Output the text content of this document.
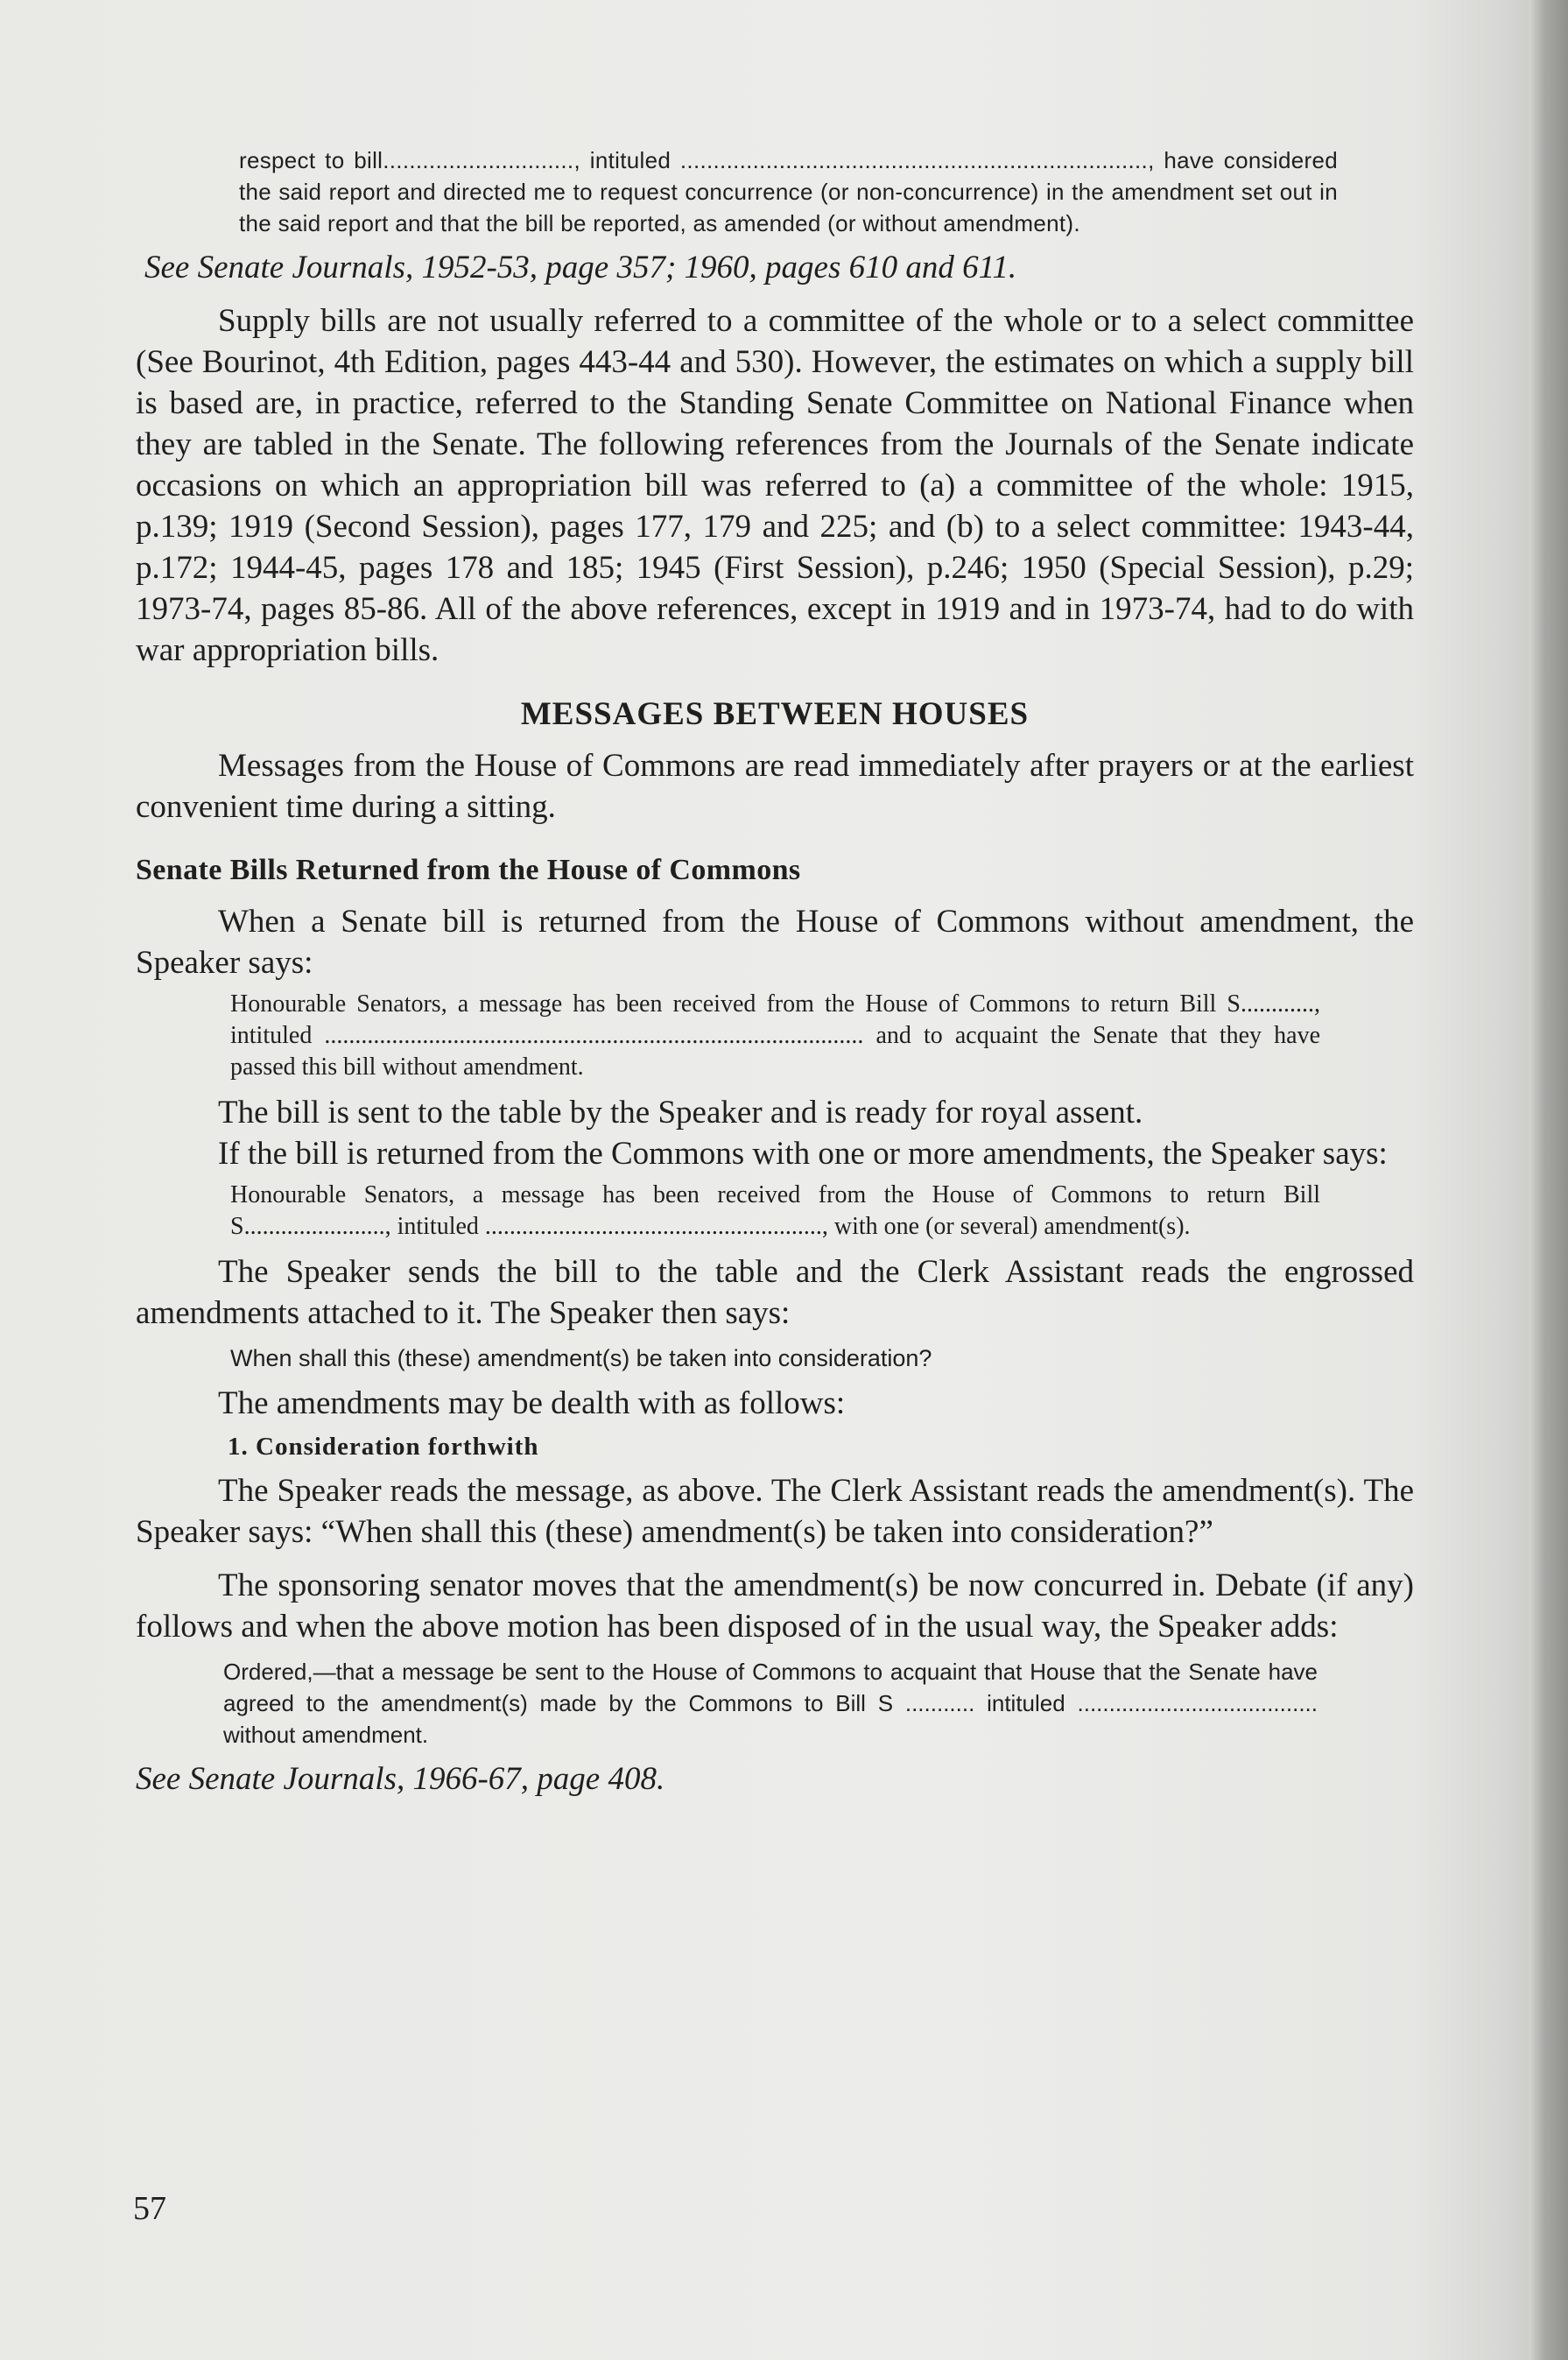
respect to bill............................., intituled ......................................................................., have considered the said report and directed me to request concurrence (or non-concurrence) in the amendment set out in the said report and that the bill be reported, as amended (or without amendment).

See Senate Journals, 1952-53, page 357; 1960, pages 610 and 611.

Supply bills are not usually referred to a committee of the whole or to a select committee (See Bourinot, 4th Edition, pages 443-44 and 530). However, the estimates on which a supply bill is based are, in practice, referred to the Standing Senate Committee on National Finance when they are tabled in the Senate. The following references from the Journals of the Senate indicate occasions on which an appropriation bill was referred to (a) a committee of the whole: 1915, p.139; 1919 (Second Session), pages 177, 179 and 225; and (b) to a select committee: 1943-44, p.172; 1944-45, pages 178 and 185; 1945 (First Session), p.246; 1950 (Special Session), p.29; 1973-74, pages 85-86. All of the above references, except in 1919 and in 1973-74, had to do with war appropriation bills.

MESSAGES BETWEEN HOUSES

Messages from the House of Commons are read immediately after prayers or at the earliest convenient time during a sitting.

Senate Bills Returned from the House of Commons

When a Senate bill is returned from the House of Commons without amendment, the Speaker says:

Honourable Senators, a message has been received from the House of Commons to return Bill S............, intituled ........................................................................................ and to acquaint the Senate that they have passed this bill without amendment.

The bill is sent to the table by the Speaker and is ready for royal assent.

If the bill is returned from the Commons with one or more amendments, the Speaker says:

Honourable Senators, a message has been received from the House of Commons to return Bill S......................., intituled ......................................................., with one (or several) amendment(s).

The Speaker sends the bill to the table and the Clerk Assistant reads the engrossed amendments attached to it. The Speaker then says:

When shall this (these) amendment(s) be taken into consideration?

The amendments may be dealth with as follows:

1. Consideration forthwith

The Speaker reads the message, as above. The Clerk Assistant reads the amendment(s). The Speaker says: “When shall this (these) amendment(s) be taken into consideration?”

The sponsoring senator moves that the amendment(s) be now concurred in. Debate (if any) follows and when the above motion has been disposed of in the usual way, the Speaker adds:

Ordered,—that a message be sent to the House of Commons to acquaint that House that the Senate have agreed to the amendment(s) made by the Commons to Bill S ........... intituled ...................................... without amendment.

See Senate Journals, 1966-67, page 408.

57
